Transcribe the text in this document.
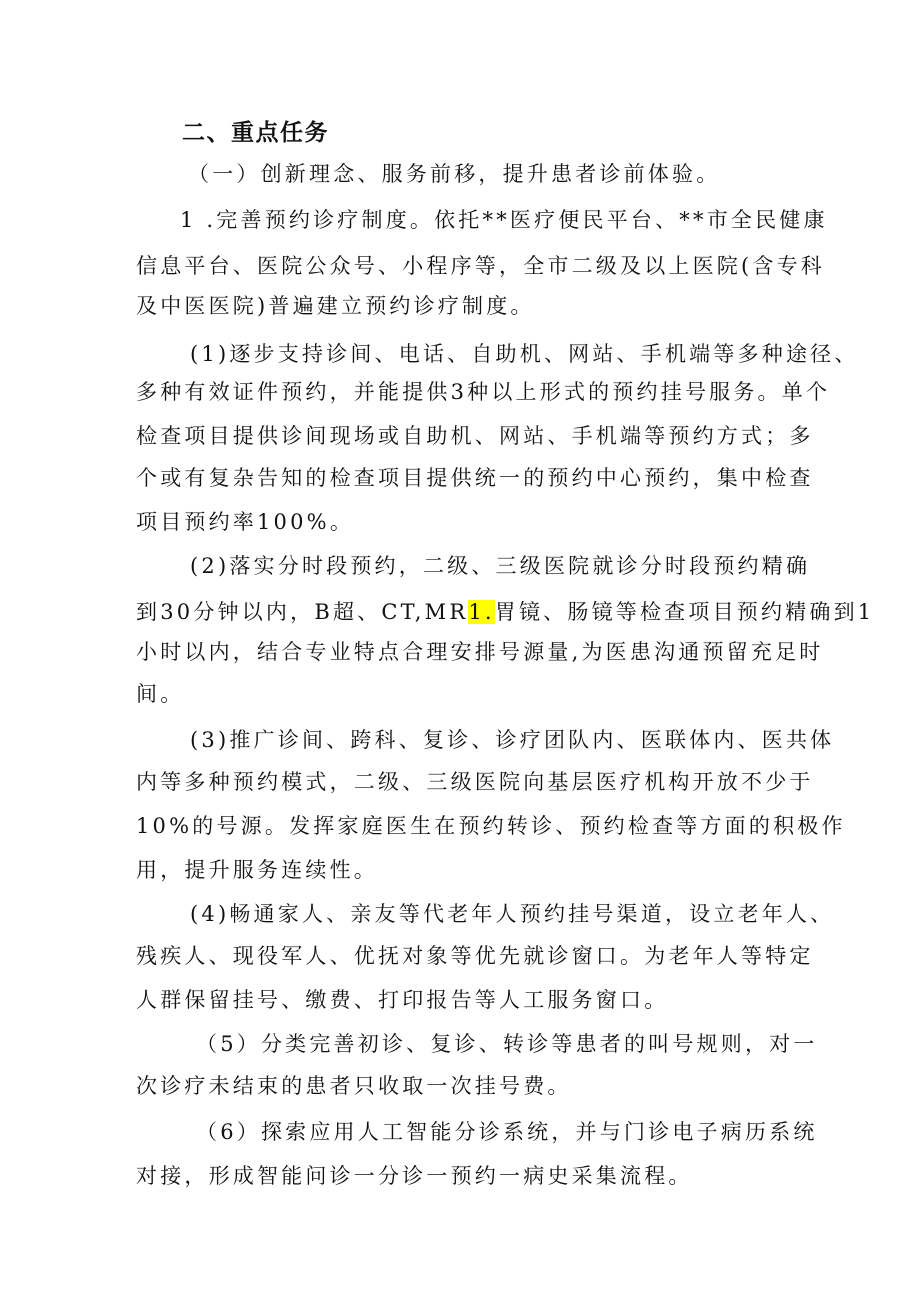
二、重点任务
（一）创新理念、服务前移，提升患者诊前体验。
1 .完善预约诊疗制度。依托**医疗便民平台、**市全民健康
信息平台、医院公众号、小程序等，全市二级及以上医院(含专科
及中医医院)普遍建立预约诊疗制度。
(1)逐步支持诊间、电话、自助机、网站、手机端等多种途径、
多种有效证件预约，并能提供3种以上形式的预约挂号服务。单个
检查项目提供诊间现场或自助机、网站、手机端等预约方式；多
个或有复杂告知的检查项目提供统一的预约中心预约，集中检查
项目预约率100%。
(2)落实分时段预约，二级、三级医院就诊分时段预约精确
到30分钟以内，B超、CT,MR1.胃镜、肠镜等检查项目预约精确到1
小时以内，结合专业特点合理安排号源量,为医患沟通预留充足时
间。
(3)推广诊间、跨科、复诊、诊疗团队内、医联体内、医共体
内等多种预约模式，二级、三级医院向基层医疗机构开放不少于
10%的号源。发挥家庭医生在预约转诊、预约检查等方面的积极作
用，提升服务连续性。
(4)畅通家人、亲友等代老年人预约挂号渠道，设立老年人、
残疾人、现役军人、优抚对象等优先就诊窗口。为老年人等特定
人群保留挂号、缴费、打印报告等人工服务窗口。
（5）分类完善初诊、复诊、转诊等患者的叫号规则，对一
次诊疗未结束的患者只收取一次挂号费。
（6）探索应用人工智能分诊系统，并与门诊电子病历系统
对接，形成智能问诊一分诊一预约一病史采集流程。
